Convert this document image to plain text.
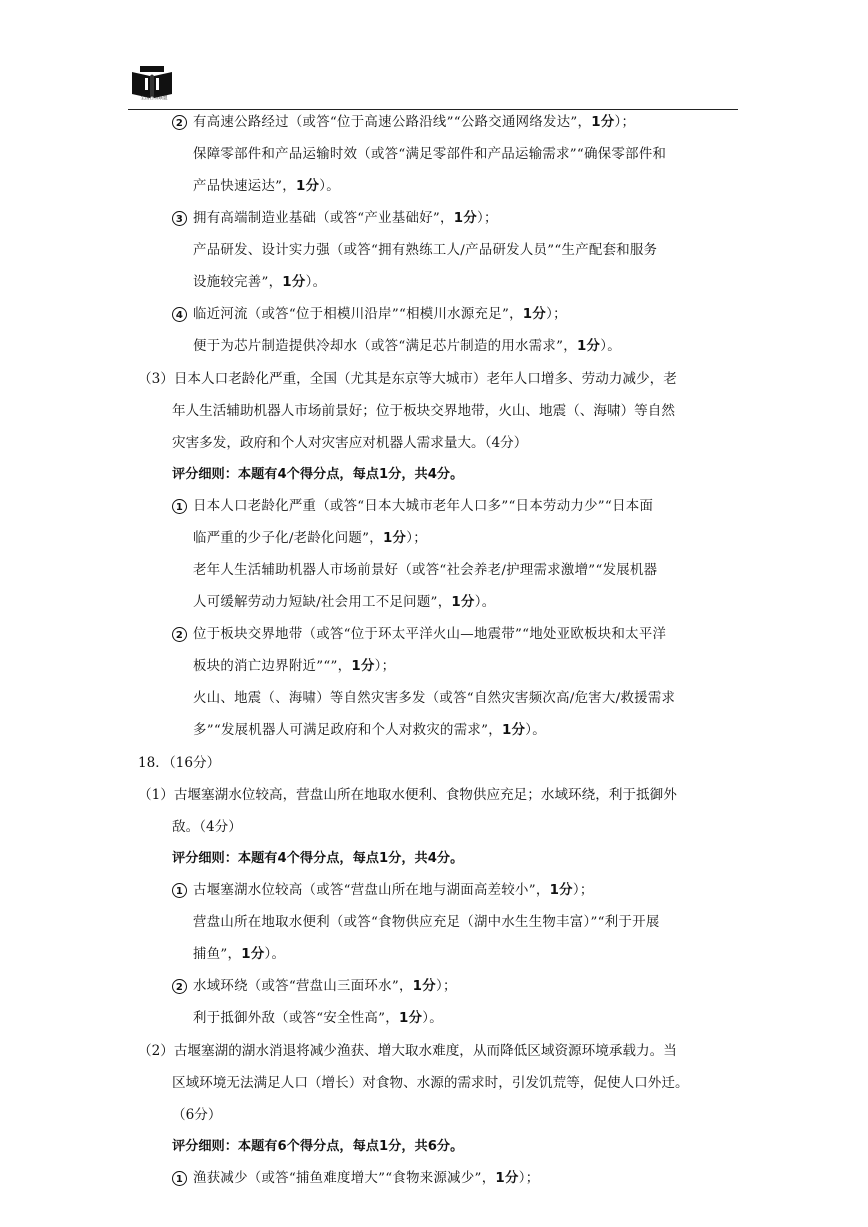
全国百校联盟
2 有高速公路经过（或答“位于高速公路沿线”“公路交通网络发达”，1分）；
保障零部件和产品运输时效（或答“满足零部件和产品运输需求”“确保零部件和
产品快速运达”，1分）。
3 拥有高端制造业基础（或答“产业基础好”，1分）；
产品研发、设计实力强（或答“拥有熟练工人/产品研发人员”“生产配套和服务
设施较完善”，1分）。
4 临近河流（或答“位于相模川沿岸”“相模川水源充足”，1分）；
便于为芯片制造提供冷却水（或答“满足芯片制造的用水需求”，1分）。
（3）日本人口老龄化严重，全国（尤其是东京等大城市）老年人口增多、劳动力减少，老
年人生活辅助机器人市场前景好；位于板块交界地带，火山、地震（、海啸）等自然
灾害多发，政府和个人对灾害应对机器人需求量大。（4分）
评分细则：本题有4个得分点，每点1分，共4分。
1 日本人口老龄化严重（或答“日本大城市老年人口多”“日本劳动力少”“日本面
临严重的少子化/老龄化问题”，1分）；
老年人生活辅助机器人市场前景好（或答“社会养老/护理需求激增”“发展机器
人可缓解劳动力短缺/社会用工不足问题”，1分）。
2 位于板块交界地带（或答“位于环太平洋火山—地震带”“地处亚欧板块和太平洋
板块的消亡边界附近”“”，1分）；
火山、地震（、海啸）等自然灾害多发（或答“自然灾害频次高/危害大/救援需求
多”“发展机器人可满足政府和个人对救灾的需求”，1分）。
18．（16分）
（1）古堰塞湖水位较高，营盘山所在地取水便利、食物供应充足；水域环绕，利于抵御外
敌。（4分）
评分细则：本题有4个得分点，每点1分，共4分。
1 古堰塞湖水位较高（或答“营盘山所在地与湖面高差较小”，1分）；
营盘山所在地取水便利（或答“食物供应充足（湖中水生生物丰富）”“利于开展
捕鱼”，1分）。
2 水域环绕（或答“营盘山三面环水”，1分）；
利于抵御外敌（或答“安全性高”，1分）。
（2）古堰塞湖的湖水消退将减少渔获、增大取水难度，从而降低区域资源环境承载力。当
区域环境无法满足人口（增长）对食物、水源的需求时，引发饥荒等，促使人口外迁。
（6分）
评分细则：本题有6个得分点，每点1分，共6分。
1 渔获减少（或答“捕鱼难度增大”“食物来源减少”，1分）；
